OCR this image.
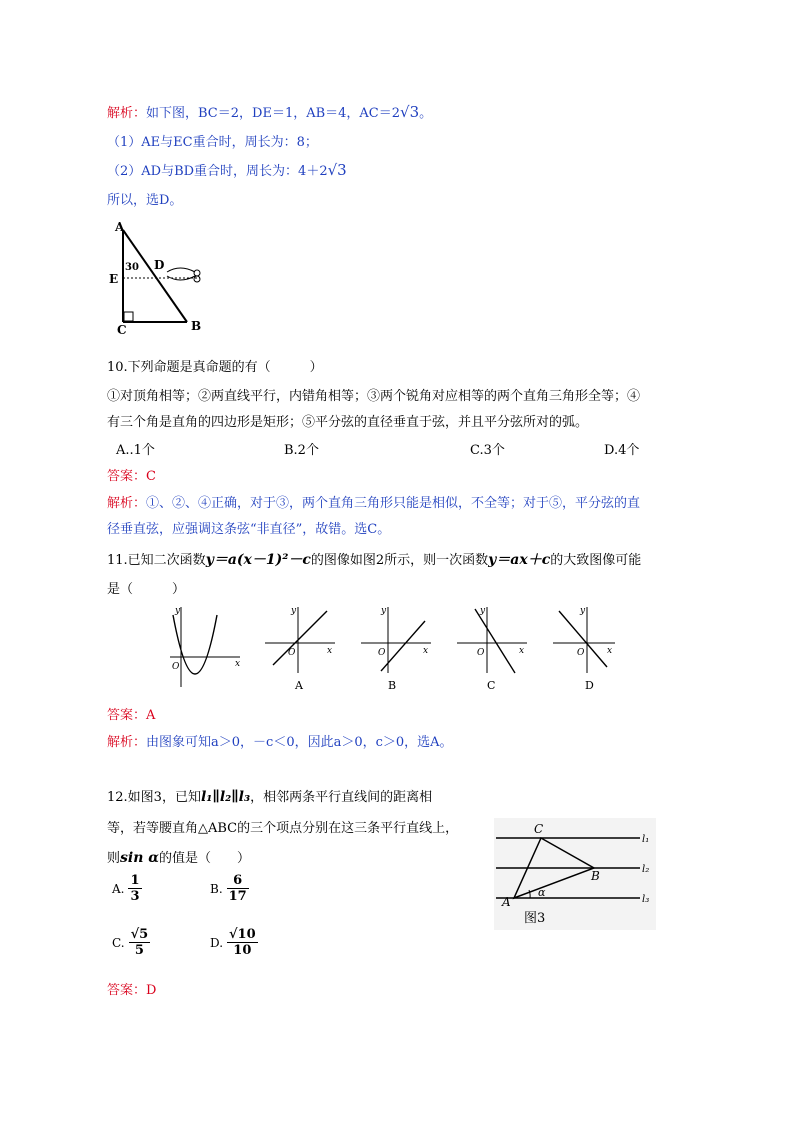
解析：如下图，BC＝2，DE＝1，AB＝4，AC＝2√3。
（1）AE与EC重合时，周长为：8；
（2）AD与BD重合时，周长为：4＋2√3
所以，选D。
A
30 D
E
C	B
10.下列命题是真命题的有（　　　）
①对顶角相等；②两直线平行，内错角相等；③两个锐角对应相等的两个直角三角形全等；④
有三个角是直角的四边形是矩形；⑤平分弦的直径垂直于弦，并且平分弦所对的弧。
A..1个	B.2个	C.3个	D.4个
答案：C
解析：①、②、④正确，对于③，两个直角三角形只能是相似，不全等；对于⑤，平分弦的直
径垂直弦，应强调这条弦“非直径”，故错。选C。
11.已知二次函数y＝a(x－1)²－c的图像如图2所示，则一次函数y＝ax＋c的大致图像可能
是（　　　）
y
x
O
y
x
O
A
y
x
O
B
y
x
O
C
y
x
O
D
答案：A
解析：由图象可知a＞0，－c＜0，因此a＞0，c＞0，选A。
12.如图3，已知l₁∥l₂∥l₃，相邻两条平行直线间的距离相
等，若等腰直角△ABC的三个项点分别在这三条平行直线上，
则sin α的值是（　　）
A. $\frac{1}{3}$	B. $\frac{6}{17}$
C. $\frac{√5}{5}$	D. $\frac{√10}{10}$
C
B
A
α
l₁
l₂
l₃
图3
答案：D
